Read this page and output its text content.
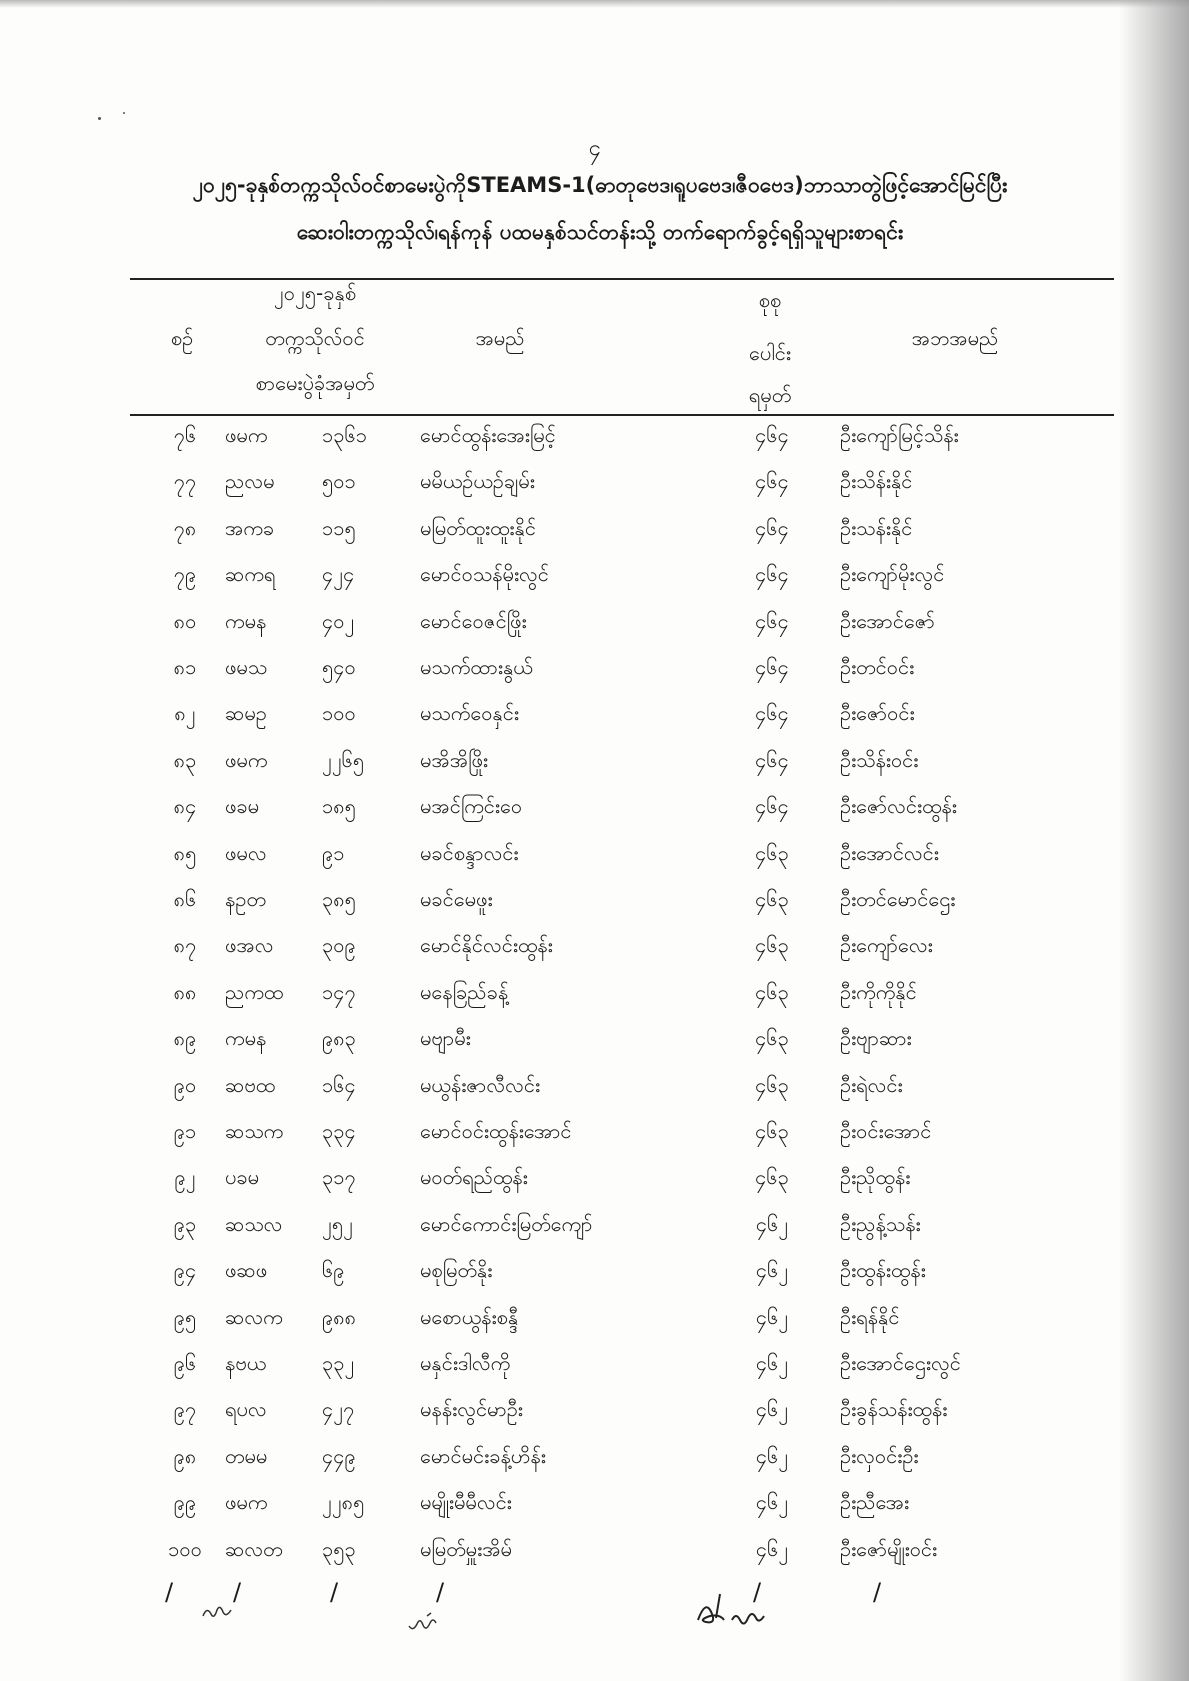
၄
၂၀၂၅-ခုနှစ်တက္ကသိုလ်ဝင်စာမေးပွဲကိုSTEAMS-1(ဓာတုဗေဒ၊ရူပဗေဒ၊ဇီဝဗေဒ)ဘာသာတွဲဖြင့်အောင်မြင်ပြီး
ဆေးဝါးတက္ကသိုလ်၊ရန်ကုန် ပထမနှစ်သင်တန်းသို့ တက်ရောက်ခွင့်ရရှိသူများစာရင်း
စဉ်
၂၀၂၅-ခုနှစ်
တက္ကသိုလ်ဝင်
စာမေးပွဲခုံအမှတ်
အမည်
စုစု
ပေါင်း
ရမှတ်
အဘအမည်
၇၆	ဖမက	၁၃၆၁	မောင်ထွန်းအေးမြင့်	၄၆၄	ဦးကျော်မြင့်သိန်း
၇၇	ညလမ	၅၀၁	မမိယဉ်ယဉ်ချမ်း	၄၆၄	ဦးသိန်းနိုင်
၇၈	အကခ	၁၁၅	မမြတ်ထူးထူးနိုင်	၄၆၄	ဦးသန်းနိုင်
၇၉	ဆကရ	၄၂၄	မောင်ဝသန်မိုးလွင်	၄၆၄	ဦးကျော်မိုးလွင်
၈၀	ကမန	၄၀၂	မောင်ဝေဇင်ဖြိုး	၄၆၄	ဦးအောင်ဇော်
၈၁	ဖမသ	၅၄၀	မသက်ထားနွယ်	၄၆၄	ဦးတင်ဝင်း
၈၂	ဆမဥ	၁၀၀	မသက်ဝေနှင်း	၄၆၄	ဦးဇော်ဝင်း
၈၃	ဖမက	၂၂၆၅	မအိအိဖြိုး	၄၆၄	ဦးသိန်းဝင်း
၈၄	ဖခမ	၁၈၅	မအင်ကြင်းဝေ	၄၆၄	ဦးဇော်လင်းထွန်း
၈၅	ဖမလ	၉၁	မခင်စန္ဒာလင်း	၄၆၃	ဦးအောင်လင်း
၈၆	နဥတ	၃၈၅	မခင်မေဖူး	၄၆၃	ဦးတင်မောင်ဌေး
၈၇	ဖအလ	၃၀၉	မောင်နိုင်လင်းထွန်း	၄၆၃	ဦးကျော်လေး
၈၈	ညကထ	၁၄၇	မနေခြည်ခန့်	၄၆၃	ဦးကိုကိုနိုင်
၈၉	ကမန	၉၈၃	မဗျာမီး	၄၆၃	ဦးဗျာဆား
၉၀	ဆဗထ	၁၆၄	မယွန်းဇာလီလင်း	၄၆၃	ဦးရဲလင်း
၉၁	ဆသက	၃၃၄	မောင်ဝင်းထွန်းအောင်	၄၆၃	ဦးဝင်းအောင်
၉၂	ပခမ	၃၁၇	မဝတ်ရည်ထွန်း	၄၆၃	ဦးညိုထွန်း
၉၃	ဆသလ	၂၅၂	မောင်ကောင်းမြတ်ကျော်	၄၆၂	ဦးညွန့်သန်း
၉၄	ဖဆဖ	၆၉	မစုမြတ်နိုး	၄၆၂	ဦးထွန်းထွန်း
၉၅	ဆလက	၉၈၈	မစောယွန်းစန္ဒီ	၄၆၂	ဦးရန်နိုင်
၉၆	နဗယ	၃၃၂	မနှင်းဒါလီကို	၄၆၂	ဦးအောင်ဌေးလွင်
၉၇	ရပလ	၄၂၇	မနန်းလွင်မာဦး	၄၆၂	ဦးခွန်သန်းထွန်း
၉၈	တမမ	၄၄၉	မောင်မင်းခန့်ဟိန်း	၄၆၂	ဦးလှဝင်းဦး
၉၉	ဖမက	၂၂၈၅	မမျိုးမီမီလင်း	၄၆၂	ဦးညီအေး
၁၀၀	ဆလတ	၃၅၃	မမြတ်မှူးအိမ်	၄၆၂	ဦးဇော်မျိုးဝင်း
/ /	/	/	/	/
